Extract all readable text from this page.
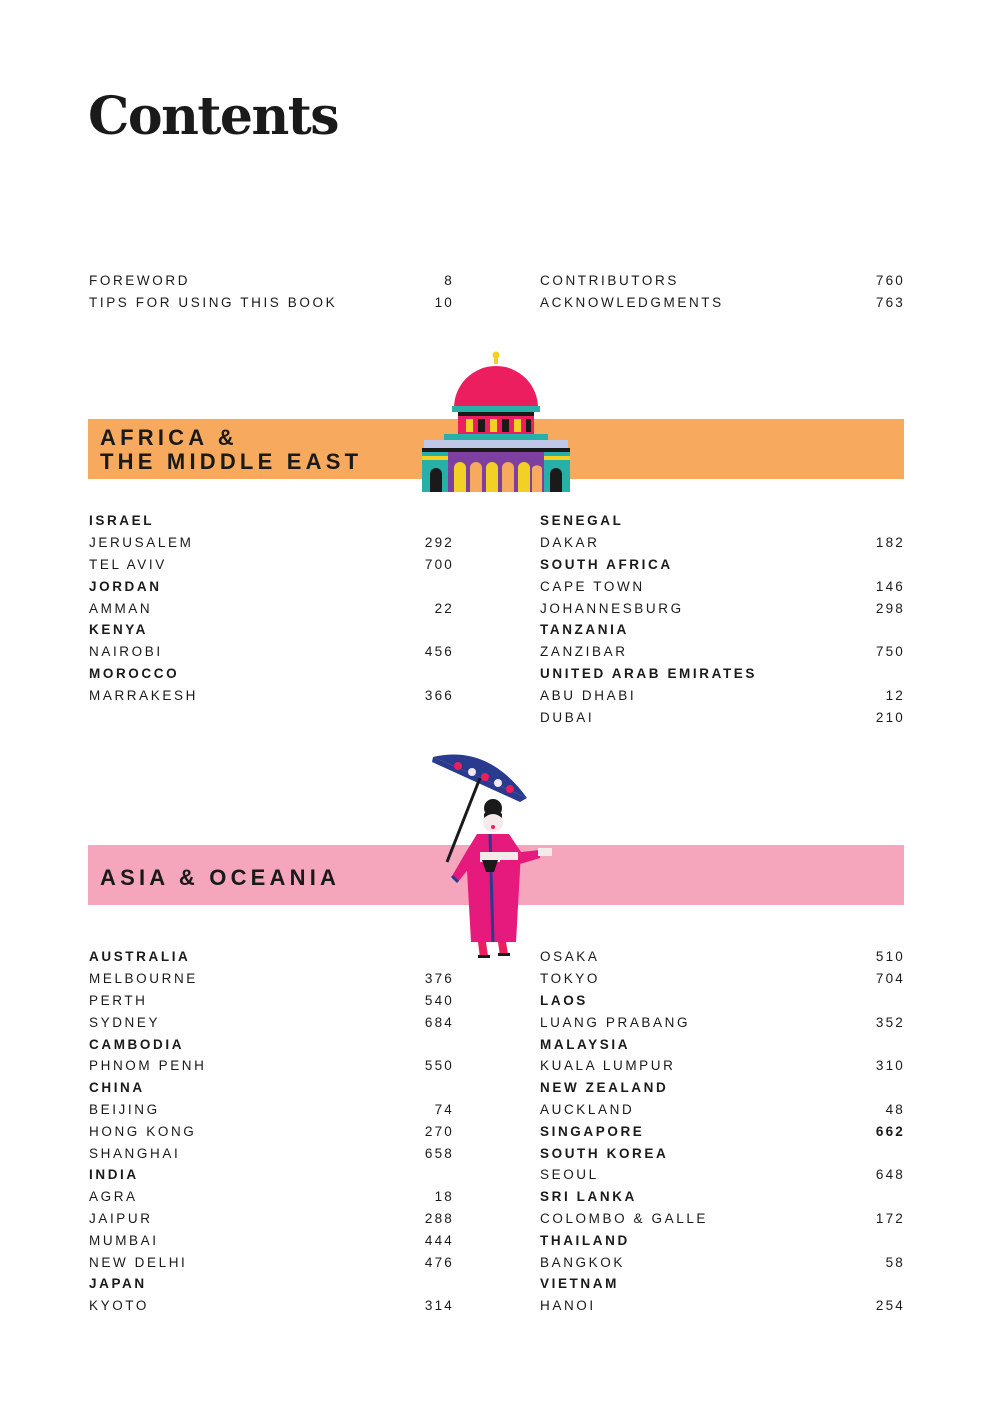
Contents
FOREWORD	8
TIPS FOR USING THIS BOOK	10
CONTRIBUTORS	760
ACKNOWLEDGMENTS	763
AFRICA &
THE MIDDLE EAST
ISRAEL
JERUSALEM	292
TEL AVIV	700
JORDAN
AMMAN	22
KENYA
NAIROBI	456
MOROCCO
MARRAKESH	366
SENEGAL
DAKAR	182
SOUTH AFRICA
CAPE TOWN	146
JOHANNESBURG	298
TANZANIA
ZANZIBAR	750
UNITED ARAB EMIRATES
ABU DHABI	12
DUBAI	210
ASIA & OCEANIA
AUSTRALIA
MELBOURNE	376
PERTH	540
SYDNEY	684
CAMBODIA
PHNOM PENH	550
CHINA
BEIJING	74
HONG KONG	270
SHANGHAI	658
INDIA
AGRA	18
JAIPUR	288
MUMBAI	444
NEW DELHI	476
JAPAN
KYOTO	314
OSAKA	510
TOKYO	704
LAOS
LUANG PRABANG	352
MALAYSIA
KUALA LUMPUR	310
NEW ZEALAND
AUCKLAND	48
SINGAPORE	662
SOUTH KOREA
SEOUL	648
SRI LANKA
COLOMBO & GALLE	172
THAILAND
BANGKOK	58
VIETNAM
HANOI	254
